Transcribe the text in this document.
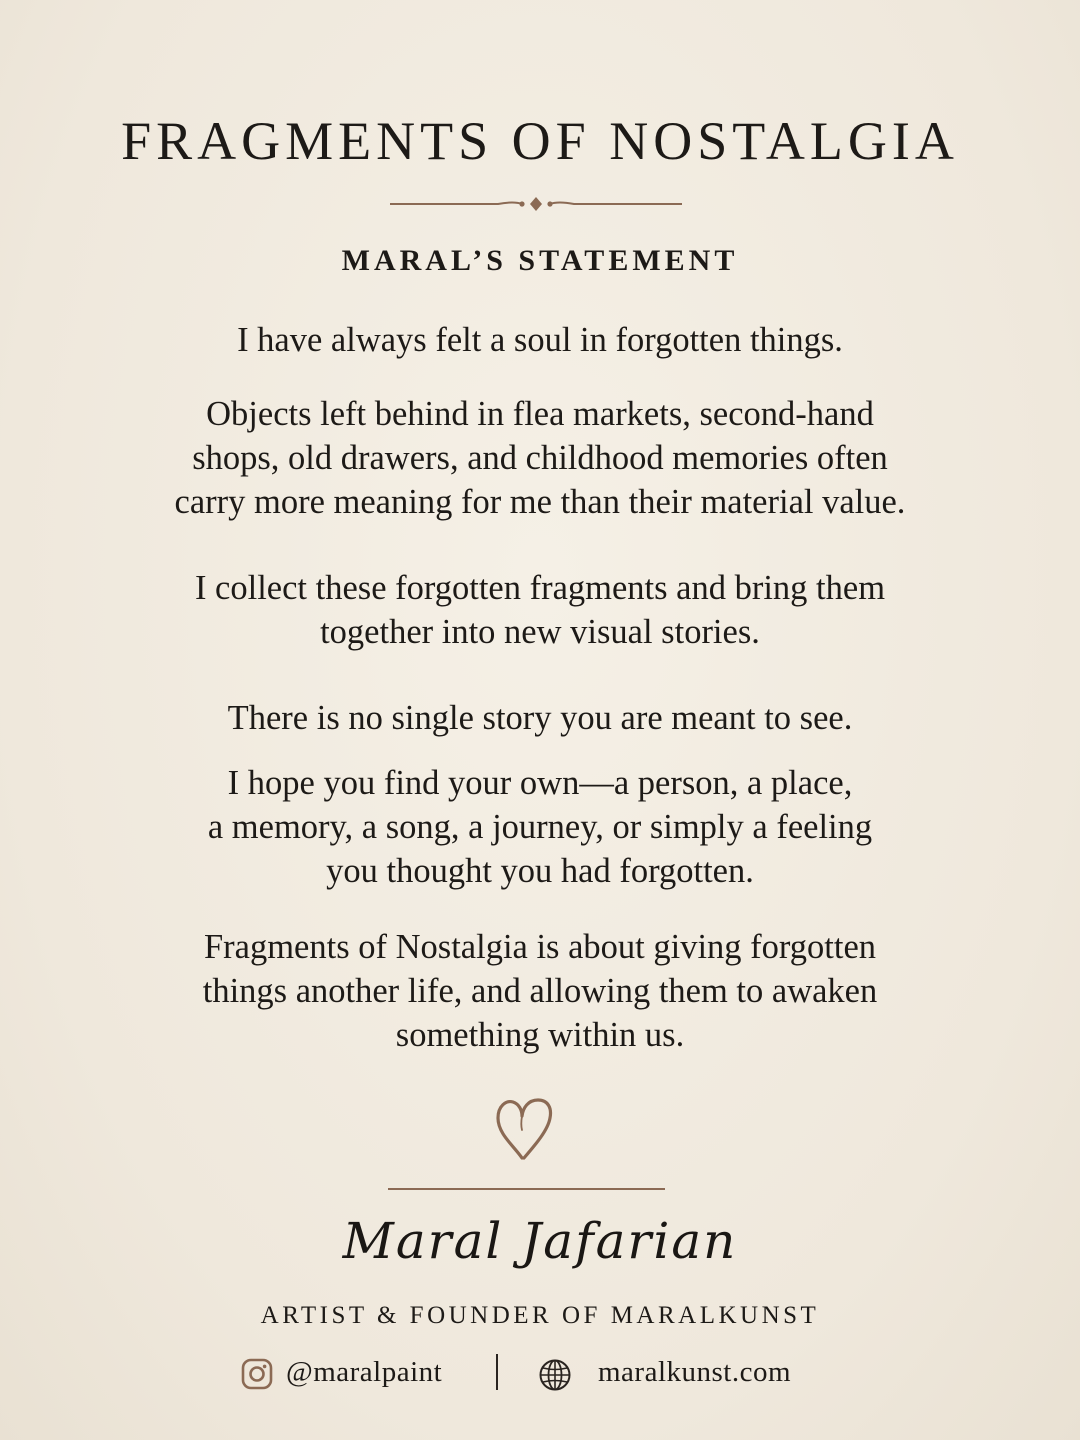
FRAGMENTS OF NOSTALGIA
MARAL’S STATEMENT

I have always felt a soul in forgotten things.

Objects left behind in flea markets, second-hand
shops, old drawers, and childhood memories often
carry more meaning for me than their material value.

I collect these forgotten fragments and bring them
together into new visual stories.

There is no single story you are meant to see.

I hope you find your own—a person, a place,
a memory, a song, a journey, or simply a feeling
you thought you had forgotten.

Fragments of Nostalgia is about giving forgotten
things another life, and allowing them to awaken
something within us.

Maral Jafarian
ARTIST & FOUNDER OF MARALKUNST
@maralpaint	maralkunst.com
